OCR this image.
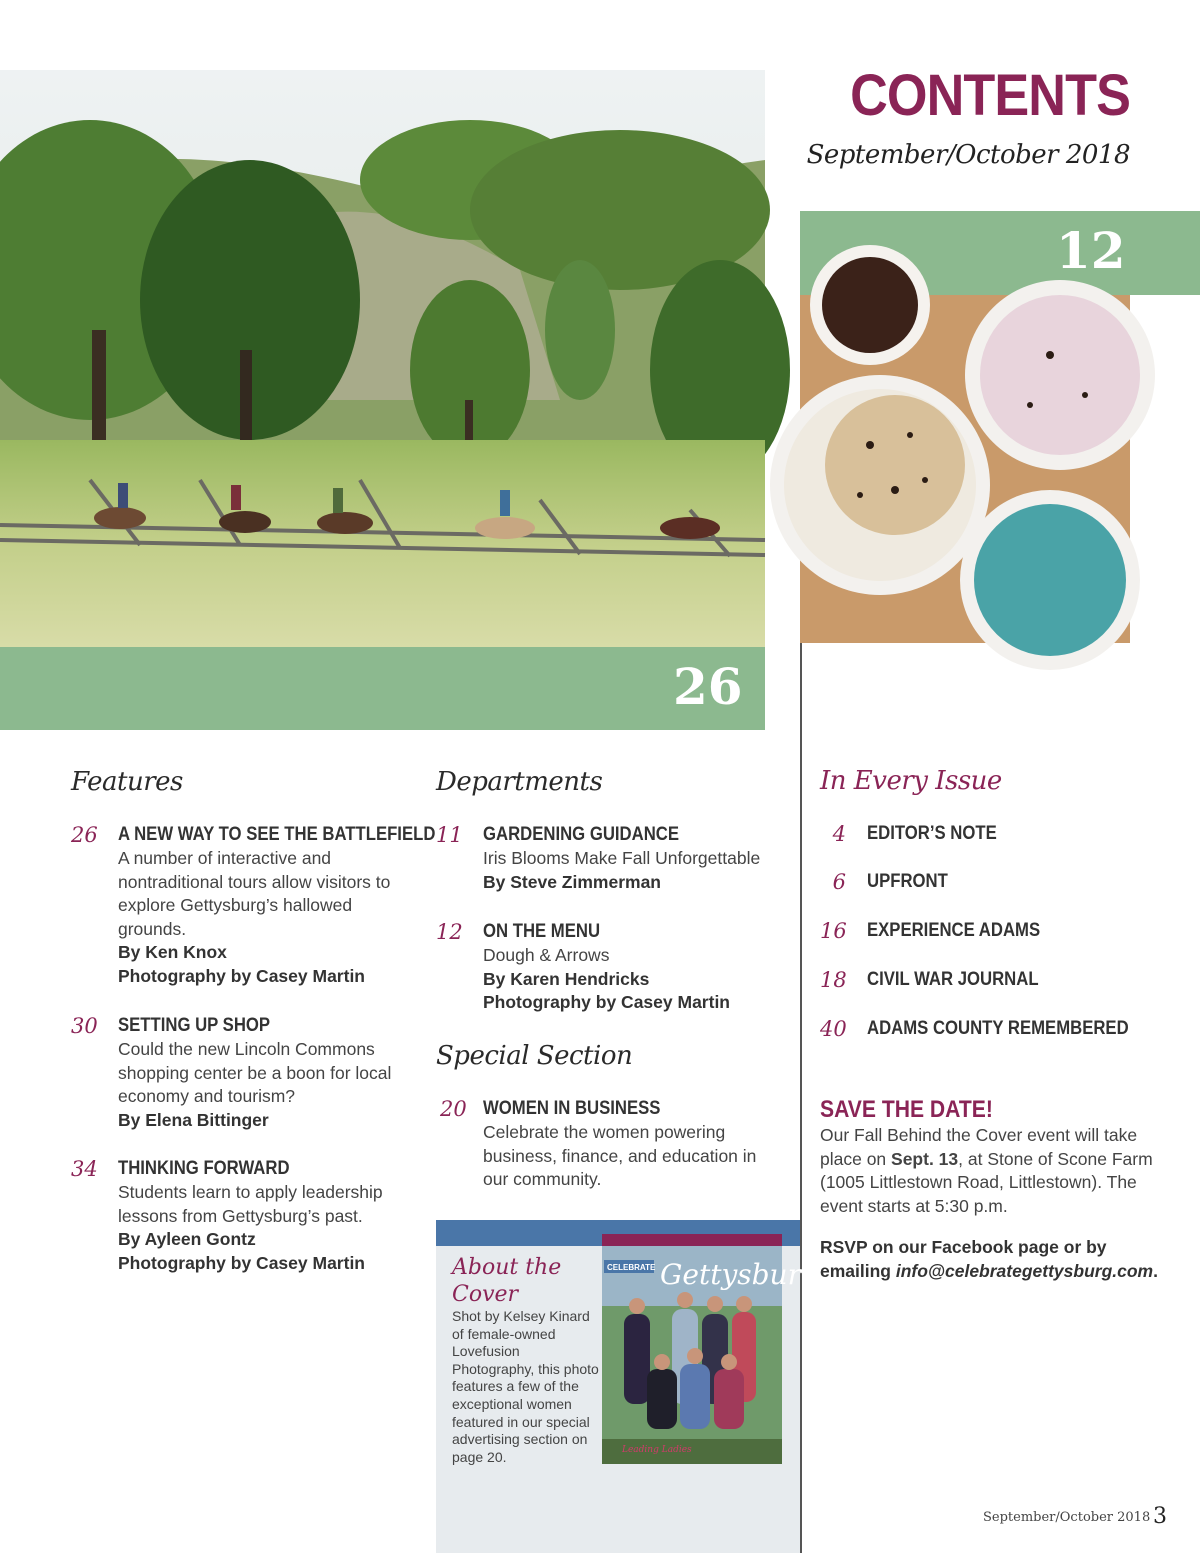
CONTENTS
September/October 2018
26
12
Features
26 A NEW WAY TO SEE THE BATTLEFIELD
A number of interactive and nontraditional tours allow visitors to explore Gettysburg’s hallowed grounds.
By Ken Knox
Photography by Casey Martin
30 SETTING UP SHOP
Could the new Lincoln Commons shopping center be a boon for local economy and tourism?
By Elena Bittinger
34 THINKING FORWARD
Students learn to apply leadership lessons from Gettysburg’s past.
By Ayleen Gontz
Photography by Casey Martin
Departments
11 GARDENING GUIDANCE
Iris Blooms Make Fall Unforgettable
By Steve Zimmerman
12 ON THE MENU
Dough & Arrows
By Karen Hendricks
Photography by Casey Martin
Special Section
20 WOMEN IN BUSINESS
Celebrate the women powering business, finance, and education in our community.
About the Cover
Shot by Kelsey Kinard of female-owned Lovefusion Photography, this photo features a few of the exceptional women featured in our special advertising section on page 20.
CELEBRATE Gettysburg
Leading Ladies
In Every Issue
4 EDITOR’S NOTE
6 UPFRONT
16 EXPERIENCE ADAMS
18 CIVIL WAR JOURNAL
40 ADAMS COUNTY REMEMBERED
SAVE THE DATE!
Our Fall Behind the Cover event will take place on Sept. 13, at Stone of Scone Farm (1005 Littlestown Road, Littlestown). The event starts at 5:30 p.m.
RSVP on our Facebook page or by emailing info@celebrategettysburg.com.
September/October 2018 3
